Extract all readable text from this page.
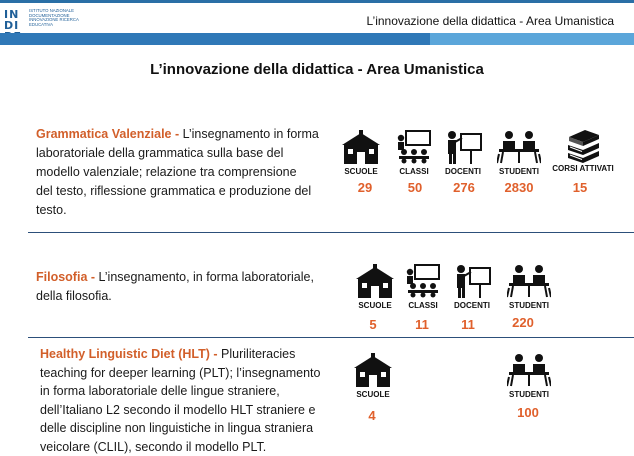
INDI
ISTITUTO NAZIONALE DOCUMENTAZIONE INNOVAZIONE RICERCA EDUCATIVA	L’innovazione della didattica - Area Umanistica
L’innovazione della didattica - Area Umanistica
Grammatica Valenziale - L’insegnamento in forma
laboratoriale della grammatica sulla base del
modello valenziale; relazione tra comprensione
del testo, riflessione grammatica e produzione del
testo.
SCUOLE	CLASSI	DOCENTI	STUDENTI	CORSI ATTIVATI
29	50	276	2830	15
Filosofia - L’insegnamento, in forma laboratoriale,
della filosofia.
SCUOLE	CLASSI	DOCENTI	STUDENTI
5	11	11	220
Healthy Linguistic Diet (HLT) - Pluriliteracies
teaching for deeper learning (PLT); l’insegnamento
in forma laboratoriale delle lingue straniere,
dell’Italiano L2 secondo il modello HLT straniere e
delle discipline non linguistiche in lingua straniera
veicolare (CLIL), secondo il modello PLT.
SCUOLE	STUDENTI
4	100
